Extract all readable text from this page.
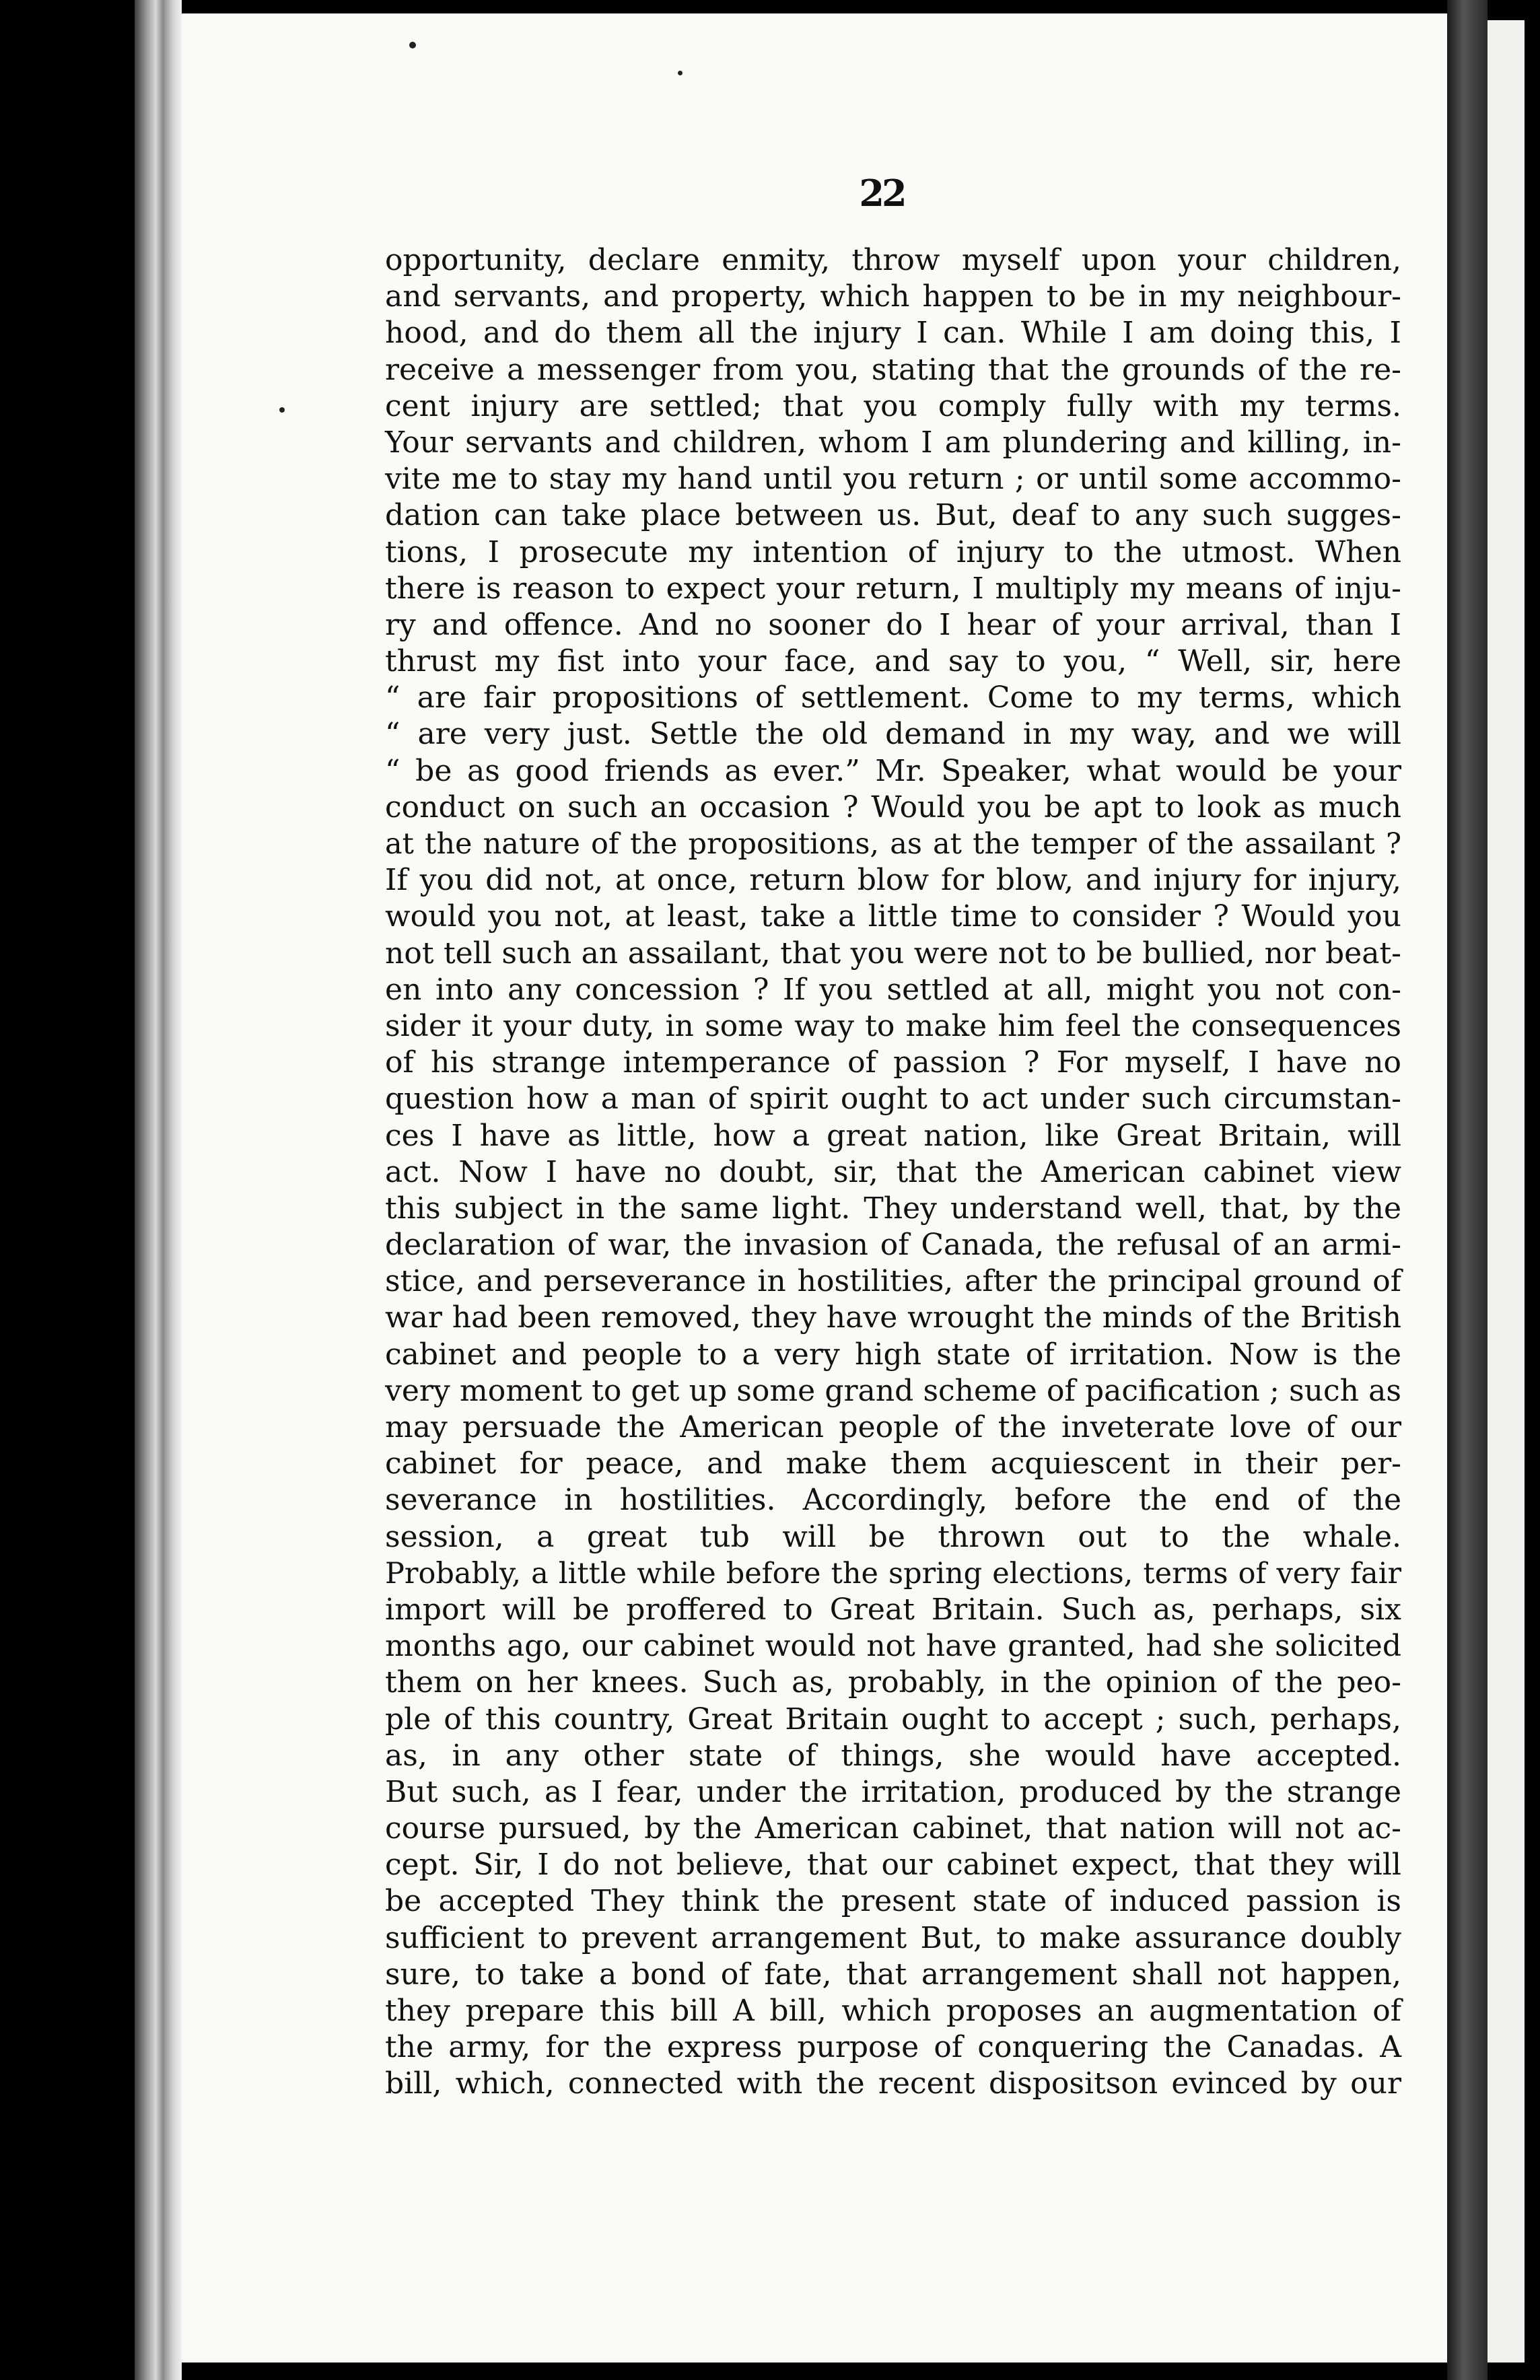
22
opportunity, declare enmity, throw myself upon your children,
and servants, and property, which happen to be in my neighbour-
hood, and do them all the injury I can. While I am doing this, I
receive a messenger from you, stating that the grounds of the re-
cent injury are settled; that you comply fully with my terms.
Your servants and children, whom I am plundering and killing, in-
vite me to stay my hand until you return ; or until some accommo-
dation can take place between us. But, deaf to any such sugges-
tions, I prosecute my intention of injury to the utmost. When
there is reason to expect your return, I multiply my means of inju-
ry and offence. And no sooner do I hear of your arrival, than I
thrust my fist into your face, and say to you, “ Well, sir, here
“ are fair propositions of settlement. Come to my terms, which
“ are very just. Settle the old demand in my way, and we will
“ be as good friends as ever.” Mr. Speaker, what would be your
conduct on such an occasion ? Would you be apt to look as much
at the nature of the propositions, as at the temper of the assailant ?
If you did not, at once, return blow for blow, and injury for injury,
would you not, at least, take a little time to consider ? Would you
not tell such an assailant, that you were not to be bullied, nor beat-
en into any concession ? If you settled at all, might you not con-
sider it your duty, in some way to make him feel the consequences
of his strange intemperance of passion ? For myself, I have no
question how a man of spirit ought to act under such circumstan-
ces I have as little, how a great nation, like Great Britain, will
act. Now I have no doubt, sir, that the American cabinet view
this subject in the same light. They understand well, that, by the
declaration of war, the invasion of Canada, the refusal of an armi-
stice, and perseverance in hostilities, after the principal ground of
war had been removed, they have wrought the minds of the British
cabinet and people to a very high state of irritation. Now is the
very moment to get up some grand scheme of pacification ; such as
may persuade the American people of the inveterate love of our
cabinet for peace, and make them acquiescent in their per-
severance in hostilities. Accordingly, before the end of the
session, a great tub will be thrown out to the whale.
Probably, a little while before the spring elections, terms of very fair
import will be proffered to Great Britain. Such as, perhaps, six
months ago, our cabinet would not have granted, had she solicited
them on her knees. Such as, probably, in the opinion of the peo-
ple of this country, Great Britain ought to accept ; such, perhaps,
as, in any other state of things, she would have accepted.
But such, as I fear, under the irritation, produced by the strange
course pursued, by the American cabinet, that nation will not ac-
cept. Sir, I do not believe, that our cabinet expect, that they will
be accepted They think the present state of induced passion is
sufficient to prevent arrangement But, to make assurance doubly
sure, to take a bond of fate, that arrangement shall not happen,
they prepare this bill A bill, which proposes an augmentation of
the army, for the express purpose of conquering the Canadas. A
bill, which, connected with the recent dispositson evinced by our
